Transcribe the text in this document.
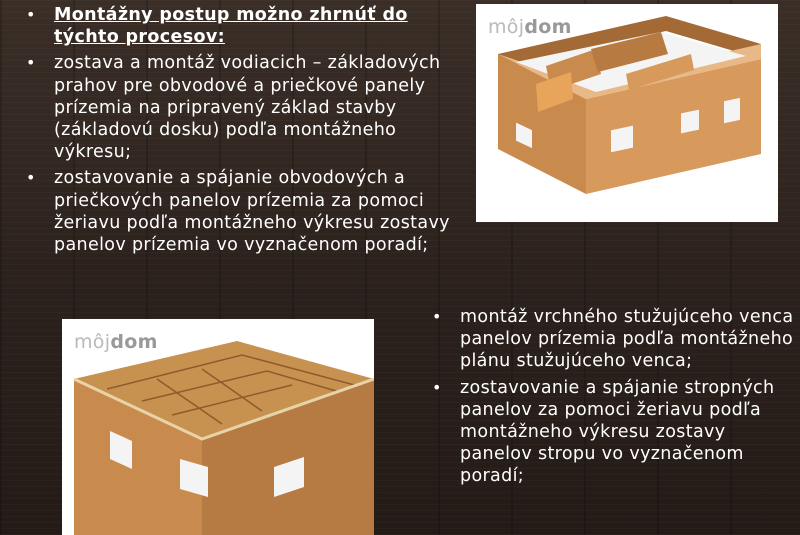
• Montážny postup možno zhrnúť do týchto procesov:
• zostava a montáž vodiacich – základových prahov pre obvodové a priečkové panely prízemia na pripravený základ stavby (základovú dosku) podľa montážneho výkresu;
• zostavovanie a spájanie obvodových a priečkových panelov prízemia za pomoci žeriavu podľa montážneho výkresu zostavy panelov prízemia vo vyznačenom poradí;
• montáž vrchného stužujúceho venca panelov prízemia podľa montážneho plánu stužujúceho venca;
• zostavovanie a spájanie stropných panelov za pomoci žeriavu podľa montážneho výkresu zostavy panelov stropu vo vyznačenom poradí;
môjdom
môjdom
